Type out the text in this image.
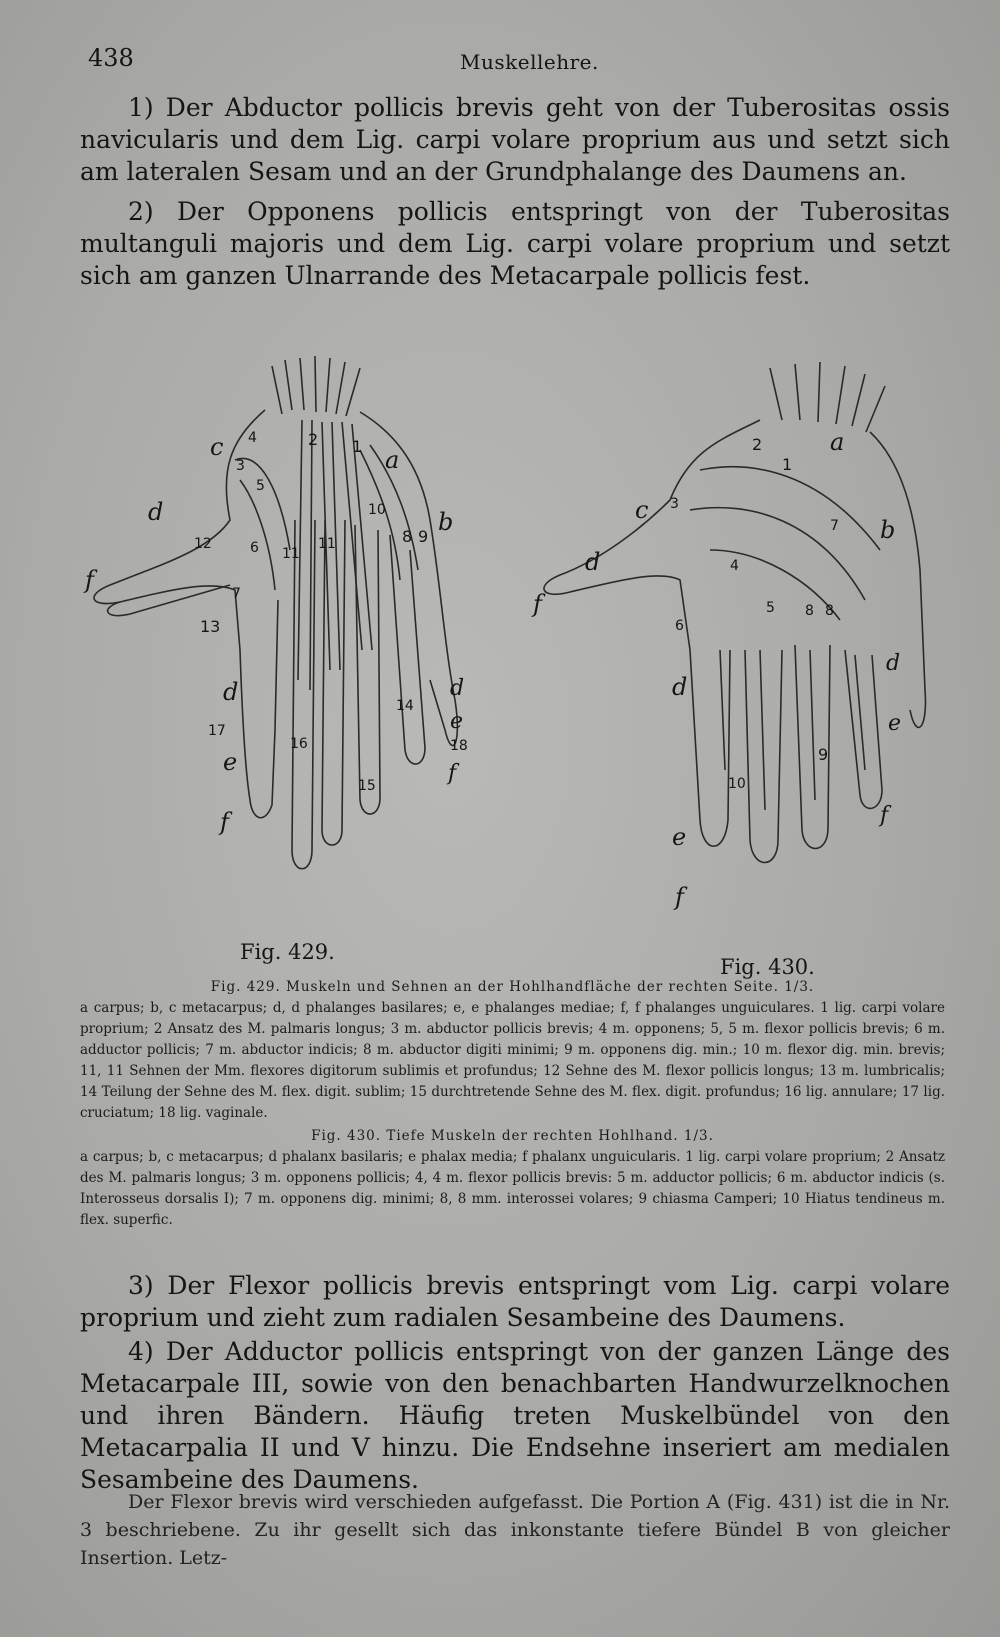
438	Muskellehre.

1) Der Abductor pollicis brevis geht von der Tuberositas ossis navicularis und dem Lig. carpi volare proprium aus und setzt sich am lateralen Sesam und an der Grundphalange des Daumens an.

2) Der Opponens pollicis entspringt von der Tuberositas multanguli majoris und dem Lig. carpi volare proprium und setzt sich am ganzen Ulnarrande des Metacarpale pollicis fest.

c
d
f
a
b
d
e
f
d
e
f
1
2
3
4
5
6
7
8 9
10
11
11
12
13
14
15
16
17
18
Fig. 429.
a
b
c
d
f
d
d
e
f
e
f
1
2
3
4
5
6
7
8 8
9
10
Fig. 430.
Fig. 429. Muskeln und Sehnen an der Hohlhandfläche der rechten Seite. 1/3.

a carpus; b, c metacarpus; d, d phalanges basilares; e, e phalanges mediae; f, f phalanges unguiculares. 1 lig. carpi volare proprium; 2 Ansatz des M. palmaris longus; 3 m. abductor pollicis brevis; 4 m. opponens; 5, 5 m. flexor pollicis brevis; 6 m. adductor pollicis; 7 m. abductor indicis; 8 m. abductor digiti minimi; 9 m. opponens dig. min.; 10 m. flexor dig. min. brevis; 11, 11 Sehnen der Mm. flexores digitorum sublimis et profundus; 12 Sehne des M. flexor pollicis longus; 13 m. lumbricalis; 14 Teilung der Sehne des M. flex. digit. sublim; 15 durchtretende Sehne des M. flex. digit. profundus; 16 lig. annulare; 17 lig. cruciatum; 18 lig. vaginale.

Fig. 430. Tiefe Muskeln der rechten Hohlhand. 1/3.

a carpus; b, c metacarpus; d phalanx basilaris; e phalax media; f phalanx unguicularis. 1 lig. carpi volare proprium; 2 Ansatz des M. palmaris longus; 3 m. opponens pollicis; 4, 4 m. flexor pollicis brevis: 5 m. adductor pollicis; 6 m. abductor indicis (s. Interosseus dorsalis I); 7 m. opponens dig. minimi; 8, 8 mm. interossei volares; 9 chiasma Camperi; 10 Hiatus tendineus m. flex. superfic.

3) Der Flexor pollicis brevis entspringt vom Lig. carpi volare proprium und zieht zum radialen Sesambeine des Daumens.

4) Der Adductor pollicis entspringt von der ganzen Länge des Metacarpale III, sowie von den benachbarten Handwurzelknochen und ihren Bändern. Häufig treten Muskelbündel von den Metacarpalia II und V hinzu. Die Endsehne inseriert am medialen Sesambeine des Daumens.

Der Flexor brevis wird verschieden aufgefasst. Die Portion A (Fig. 431) ist die in Nr. 3 beschriebene. Zu ihr gesellt sich das inkonstante tiefere Bündel B von gleicher Insertion. Letz-
